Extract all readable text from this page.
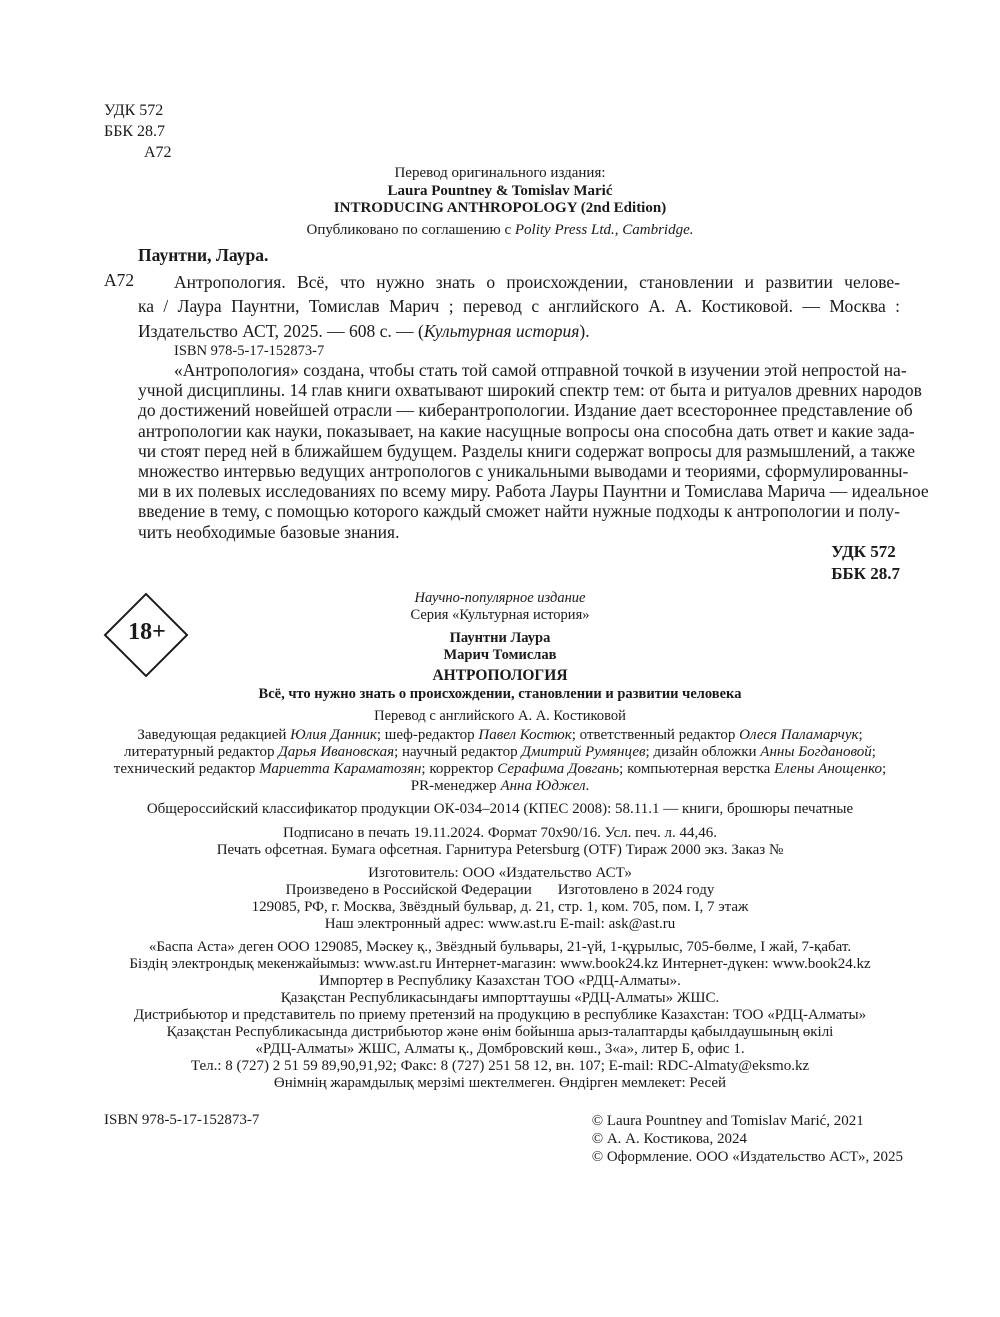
УДК 572
ББК 28.7
А72
Перевод оригинального издания:
Laura Pountney & Tomislav Marić
INTRODUCING ANTHROPOLOGY (2nd Edition)
Опубликовано по соглашению с Polity Press Ltd., Cambridge.
Паунтни, Лаура.
А72	Антропология. Всё, что нужно знать о происхождении, становлении и развитии челове-
ка / Лаура Паунтни, Томислав Марич ; перевод с английского А. А. Костиковой. — Москва :
Издательство АСТ, 2025. — 608 с. — (Культурная история).
ISBN 978-5-17-152873-7
«Антропология» создана, чтобы стать той самой отправной точкой в изучении этой непростой на-
учной дисциплины. 14 глав книги охватывают широкий спектр тем: от быта и ритуалов древних народов
до достижений новейшей отрасли — киберантропологии. Издание дает всестороннее представление об
антропологии как науки, показывает, на какие насущные вопросы она способна дать ответ и какие зада-
чи стоят перед ней в ближайшем будущем. Разделы книги содержат вопросы для размышлений, а также
множество интервью ведущих антропологов с уникальными выводами и теориями, сформулированны-
ми в их полевых исследованиях по всему миру. Работа Лауры Паунтни и Томислава Марича — идеальное
введение в тему, с помощью которого каждый сможет найти нужные подходы к антропологии и полу-
чить необходимые базовые знания.
УДК 572
ББК 28.7
18+
Научно-популярное издание
Серия «Культурная история»
Паунтни Лаура
Марич Томислав
АНТРОПОЛОГИЯ
Всё, что нужно знать о происхождении, становлении и развитии человека
Перевод с английского А. А. Костиковой
Заведующая редакцией Юлия Данник; шеф-редактор Павел Костюк; ответственный редактор Олеся Паламарчук;
литературный редактор Дарья Ивановская; научный редактор Дмитрий Румянцев; дизайн обложки Анны Богдановой;
технический редактор Мариетта Караматозян; корректор Серафима Довгань; компьютерная верстка Елены Анощенко;
PR-менеджер Анна Юджел.
Общероссийский классификатор продукции ОК-034–2014 (КПЕС 2008): 58.11.1 — книги, брошюры печатные
Подписано в печать 19.11.2024. Формат 70х90/16. Усл. печ. л. 44,46.
Печать офсетная. Бумага офсетная. Гарнитура Petersburg (OTF) Тираж 2000 экз. Заказ №
Изготовитель: ООО «Издательство АСТ»
Произведено в Российской Федерации Изготовлено в 2024 году
129085, РФ, г. Москва, Звёздный бульвар, д. 21, стр. 1, ком. 705, пом. I, 7 этаж
Наш электронный адрес: www.ast.ru E-mail: ask@ast.ru
«Баспа Аста» деген ООО 129085, Мәскеу қ., Звёздный бульвары, 21-үй, 1-құрылыс, 705-бөлме, I жай, 7-қабат.
Біздің электрондық мекенжайымыз: www.ast.ru Интернет-магазин: www.book24.kz Интернет-дүкен: www.book24.kz
Импортер в Республику Казахстан ТОО «РДЦ-Алматы».
Қазақстан Республикасындағы импорттаушы «РДЦ-Алматы» ЖШС.
Дистрибьютор и представитель по приему претензий на продукцию в республике Казахстан: ТОО «РДЦ-Алматы»
Қазақстан Республикасында дистрибьютор және өнім бойынша арыз-талаптарды қабылдаушының өкілі
«РДЦ-Алматы» ЖШС, Алматы қ., Домбровский көш., 3«а», литер Б, офис 1.
Тел.: 8 (727) 2 51 59 89,90,91,92; Факс: 8 (727) 251 58 12, вн. 107; E-mail: RDC-Almaty@eksmo.kz
Өнімнің жарамдылық мерзімі шектелмеген. Өндірген мемлекет: Ресей
ISBN 978-5-17-152873-7	© Laura Pountney and Tomislav Marić, 2021
© А. А. Костикова, 2024
© Оформление. ООО «Издательство АСТ», 2025
